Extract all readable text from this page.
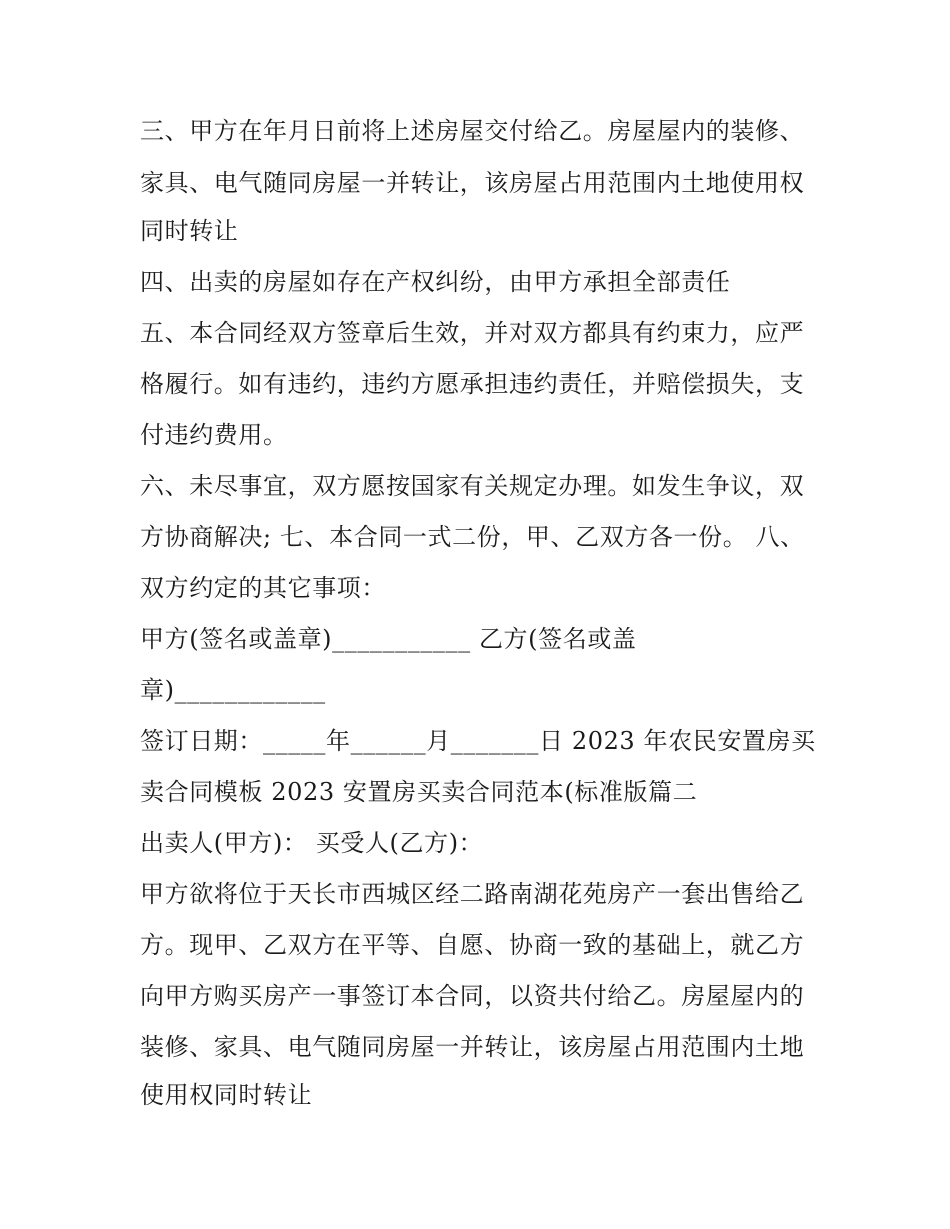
三、甲方在年月日前将上述房屋交付给乙。房屋屋内的装修、
家具、电气随同房屋一并转让，该房屋占用范围内土地使用权
同时转让
四、出卖的房屋如存在产权纠纷，由甲方承担全部责任
五、本合同经双方签章后生效，并对双方都具有约束力，应严
格履行。如有违约，违约方愿承担违约责任，并赔偿损失，支
付违约费用。
六、未尽事宜，双方愿按国家有关规定办理。如发生争议，双
方协商解决; 七、本合同一式二份，甲、乙双方各一份。 八、
双方约定的其它事项：
甲方(签名或盖章)___________ 乙方(签名或盖
章)____________
签订日期：_____年______月_______日 2023 年农民安置房买
卖合同模板 2023 安置房买卖合同范本(标准版篇二
出卖人(甲方)： 买受人(乙方)：
甲方欲将位于天长市西城区经二路南湖花苑房产一套出售给乙
方。现甲、乙双方在平等、自愿、协商一致的基础上，就乙方
向甲方购买房产一事签订本合同，以资共付给乙。房屋屋内的
装修、家具、电气随同房屋一并转让，该房屋占用范围内土地
使用权同时转让
